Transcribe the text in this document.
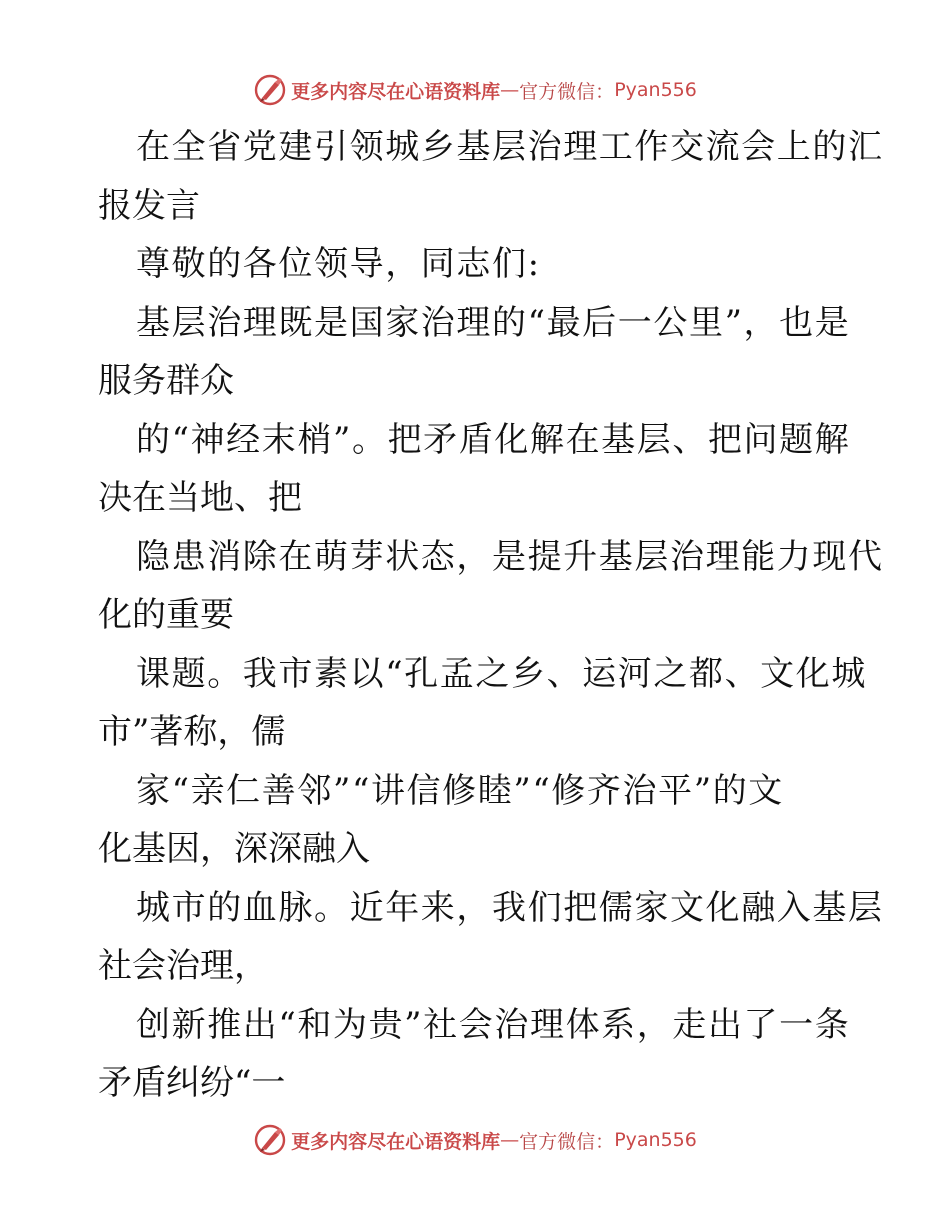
更多内容尽在心语资料库 — 官方微信： Pyan556
在全省党建引领城乡基层治理工作交流会上的汇
报发言
尊敬的各位领导，同志们:
基层治理既是国家治理的“最后一公里”，也是
服务群众
的“神经末梢”。把矛盾化解在基层、把问题解
决在当地、把
隐患消除在萌芽状态，是提升基层治理能力现代
化的重要
课题。我市素以“孔孟之乡、运河之都、文化城
市”著称，儒
家“亲仁善邻”“讲信修睦”“修齐治平”的文
化基因，深深融入
城市的血脉。近年来，我们把儒家文化融入基层
社会治理，
创新推出“和为贵”社会治理体系，走出了一条
矛盾纠纷“一
更多内容尽在心语资料库 — 官方微信： Pyan556
